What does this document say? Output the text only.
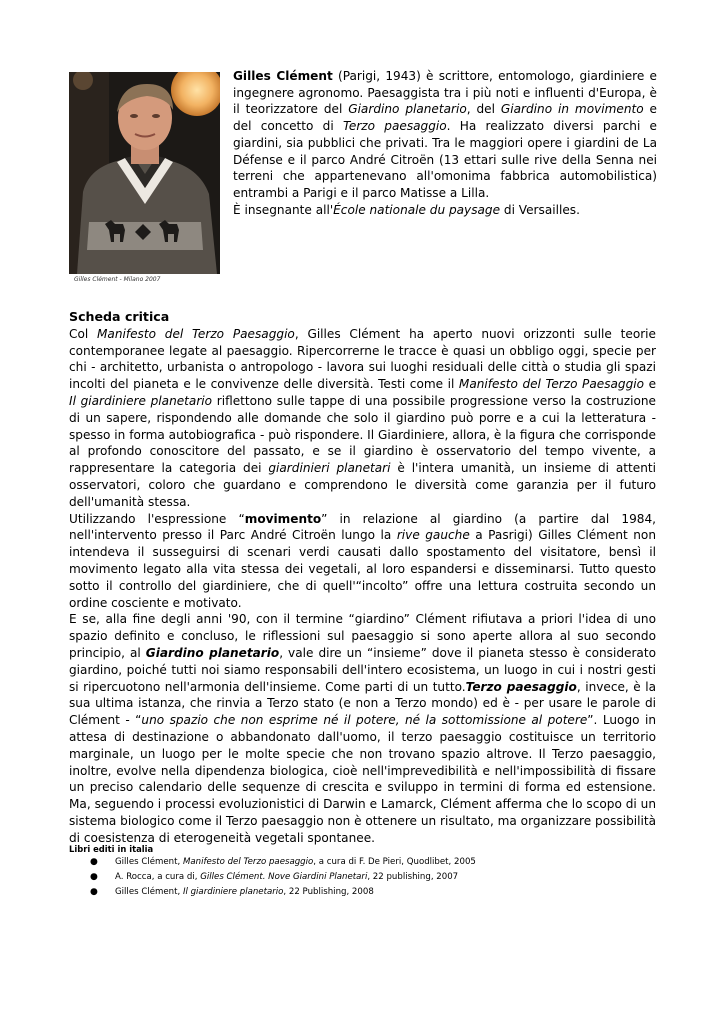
Gilles Clément - Milano 2007

Gilles Clément (Parigi, 1943) è scrittore, entomologo, giardiniere e ingegnere agronomo. Paesaggista tra i più noti e influenti d'Europa, è il teorizzatore del Giardino planetario, del Giardino in movimento e del concetto di Terzo paesaggio. Ha realizzato diversi parchi e giardini, sia pubblici che privati. Tra le maggiori opere i giardini de La Défense e il parco André Citroën (13 ettari sulle rive della Senna nei terreni che appartenevano all'omonima fabbrica automobilistica) entrambi a Parigi e il parco Matisse a Lilla.

È insegnante all'École nationale du paysage di Versailles.

Scheda critica

Col Manifesto del Terzo Paesaggio, Gilles Clément ha aperto nuovi orizzonti sulle teorie contemporanee legate al paesaggio. Ripercorrerne le tracce è quasi un obbligo oggi, specie per chi - architetto, urbanista o antropologo - lavora sui luoghi residuali delle città o studia gli spazi incolti del pianeta e le convivenze delle diversità. Testi come il Manifesto del Terzo Paesaggio e Il giardiniere planetario riflettono sulle tappe di una possibile progressione verso la costruzione di un sapere, rispondendo alle domande che solo il giardino può porre e a cui la letteratura - spesso in forma autobiografica - può rispondere. Il Giardiniere, allora, è la figura che corrisponde al profondo conoscitore del passato, e se il giardino è osservatorio del tempo vivente, a rappresentare la categoria dei giardinieri planetari è l'intera umanità, un insieme di attenti osservatori, coloro che guardano e comprendono le diversità come garanzia per il futuro dell'umanità stessa.

Utilizzando l'espressione “movimento” in relazione al giardino (a partire dal 1984, nell'intervento presso il Parc André Citroën lungo la rive gauche a Pasrigi) Gilles Clément non intendeva il susseguirsi di scenari verdi causati dallo spostamento del visitatore, bensì il movimento legato alla vita stessa dei vegetali, al loro espandersi e disseminarsi. Tutto questo sotto il controllo del giardiniere, che di quell'“incolto” offre una lettura costruita secondo un ordine cosciente e motivato.

E se, alla fine degli anni '90, con il termine “giardino” Clément rifiutava a priori l'idea di uno spazio definito e concluso, le riflessioni sul paesaggio si sono aperte allora al suo secondo principio, al Giardino planetario, vale dire un “insieme” dove il pianeta stesso è considerato giardino, poiché tutti noi siamo responsabili dell'intero ecosistema, un luogo in cui i nostri gesti si ripercuotono nell'armonia dell'insieme. Come parti di un tutto.Terzo paesaggio, invece, è la sua ultima istanza, che rinvia a Terzo stato (e non a Terzo mondo) ed è - per usare le parole di Clément - “uno spazio che non esprime né il potere, né la sottomissione al potere”. Luogo in attesa di destinazione o abbandonato dall'uomo, il terzo paesaggio costituisce un territorio marginale, un luogo per le molte specie che non trovano spazio altrove. Il Terzo paesaggio, inoltre, evolve nella dipendenza biologica, cioè nell'imprevedibilità e nell'impossibilità di fissare un preciso calendario delle sequenze di crescita e sviluppo in termini di forma ed estensione. Ma, seguendo i processi evoluzionistici di Darwin e Lamarck, Clément afferma che lo scopo di un sistema biologico come il Terzo paesaggio non è ottenere un risultato, ma organizzare possibilità di coesistenza di eterogeneità vegetali spontanee.

Libri editi in italia
● Gilles Clément, Manifesto del Terzo paesaggio, a cura di F. De Pieri, Quodlibet, 2005
● A. Rocca, a cura di, Gilles Clément. Nove Giardini Planetari, 22 publishing, 2007
● Gilles Clément, Il giardiniere planetario, 22 Publishing, 2008
